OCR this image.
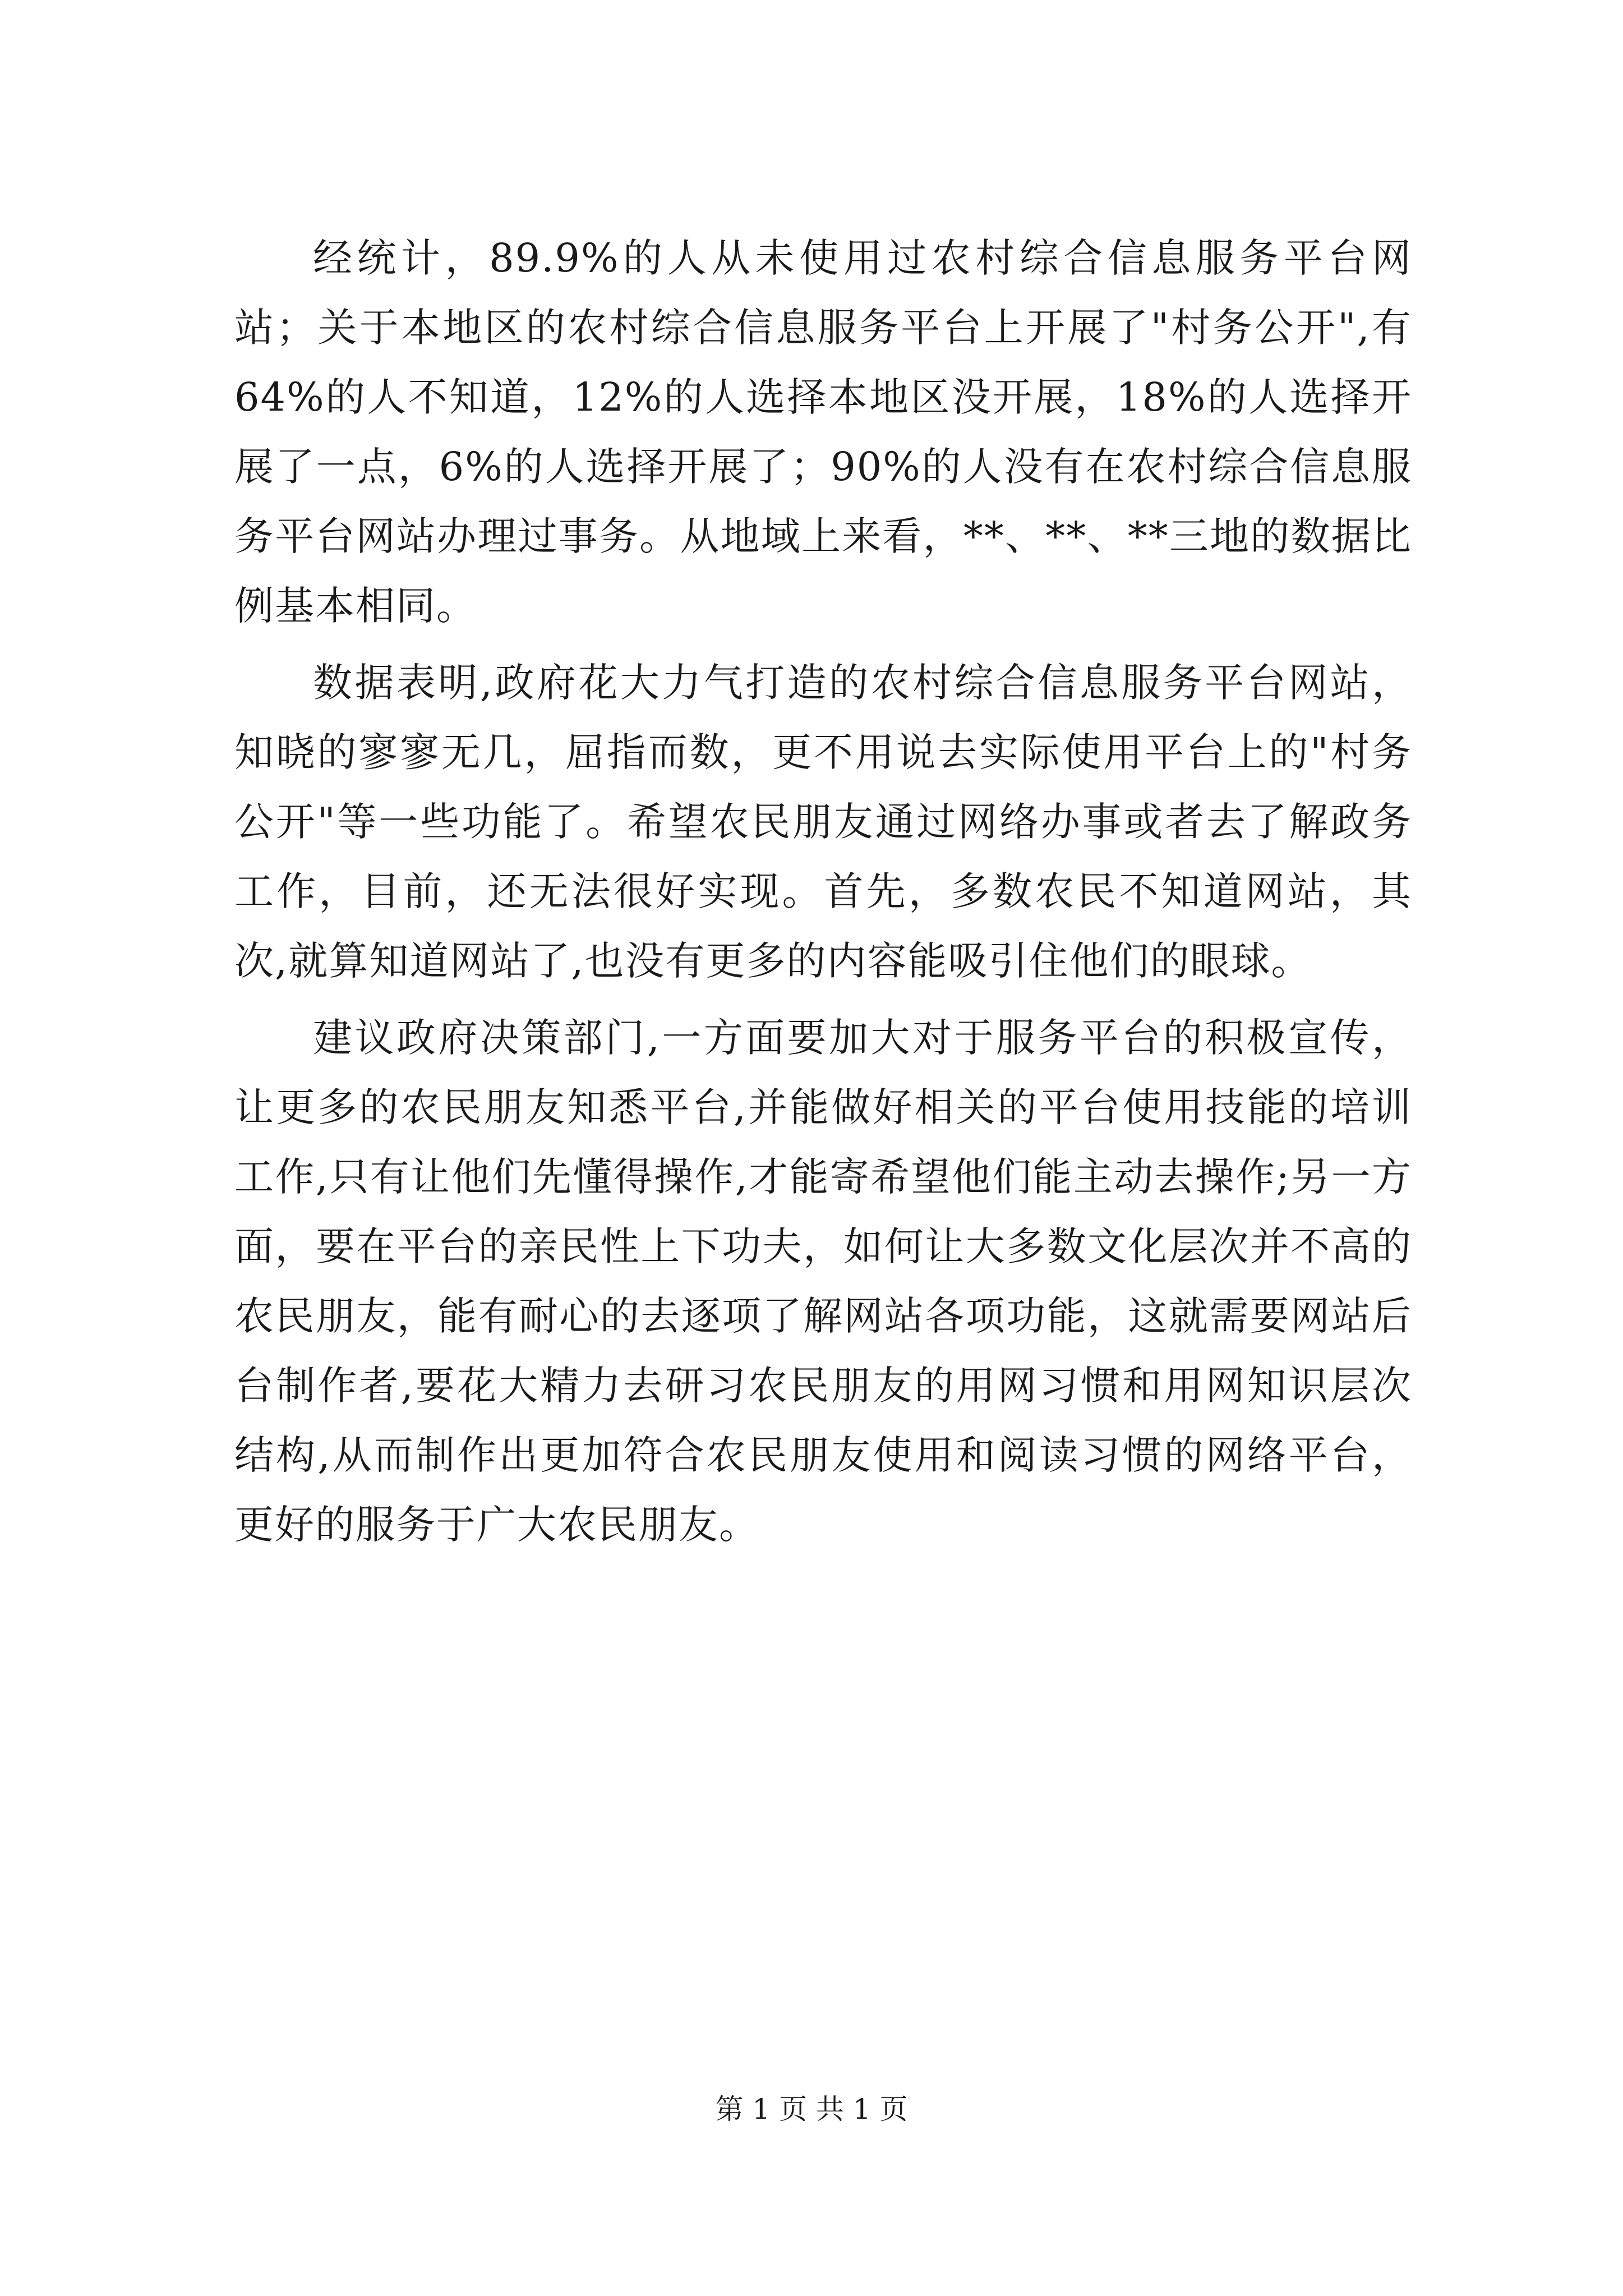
经统计，89.9%的人从未使用过农村综合信息服务平台网站；关于本地区的农村综合信息服务平台上开展了"村务公开",有64%的人不知道，12%的人选择本地区没开展，18%的人选择开展了一点，6%的人选择开展了；90%的人没有在农村综合信息服务平台网站办理过事务。从地域上来看，**、**、**三地的数据比例基本相同。

数据表明,政府花大力气打造的农村综合信息服务平台网站，知晓的寥寥无几，屈指而数，更不用说去实际使用平台上的"村务公开"等一些功能了。希望农民朋友通过网络办事或者去了解政务工作，目前，还无法很好实现。首先，多数农民不知道网站，其次,就算知道网站了,也没有更多的内容能吸引住他们的眼球。

建议政府决策部门,一方面要加大对于服务平台的积极宣传，让更多的农民朋友知悉平台,并能做好相关的平台使用技能的培训工作,只有让他们先懂得操作,才能寄希望他们能主动去操作;另一方面，要在平台的亲民性上下功夫，如何让大多数文化层次并不高的农民朋友，能有耐心的去逐项了解网站各项功能，这就需要网站后台制作者,要花大精力去研习农民朋友的用网习惯和用网知识层次结构,从而制作出更加符合农民朋友使用和阅读习惯的网络平台，更好的服务于广大农民朋友。

第 1 页 共 1 页
